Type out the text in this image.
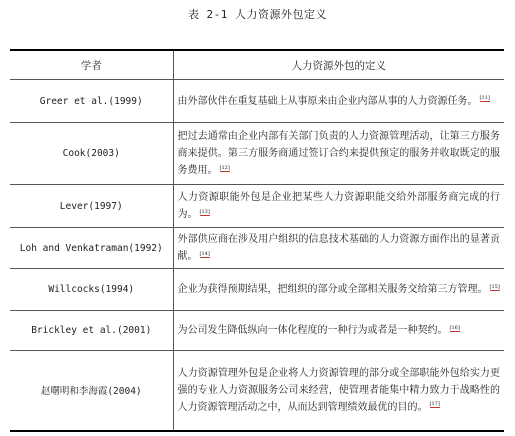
表 2-1 人力资源外包定义
学者	人力资源外包的定义
Greer et al.(1999)	由外部伙伴在重复基础上从事原来由企业内部从事的人力资源任务。 [11]
Cook(2003)	把过去通常由企业内部有关部门负责的人力资源管理活动，让第三方服务商来提供。第三方服务商通过签订合约来提供预定的服务并收取既定的服务费用。 [12]
Lever(1997)	人力资源职能外包是企业把某些人力资源职能交给外部服务商完成的行为。 [13]
Loh and Venkatraman(1992)	外部供应商在涉及用户组织的信息技术基础的人力资源方面作出的显著贡献。 [14]
Willcocks(1994)	企业为获得预期结果，把组织的部分或全部相关服务交给第三方管理。 [15]
Brickley et al.(2001)	为公司发生降低纵向一体化程度的一种行为或者是一种契约。 [16]
赵曙明和李海霞(2004)	人力资源管理外包是企业将人力资源管理的部分或全部职能外包给实力更强的专业人力资源服务公司来经营，使管理者能集中精力致力于战略性的人力资源管理活动之中，从而达到管理绩效最优的目的。 [17]
